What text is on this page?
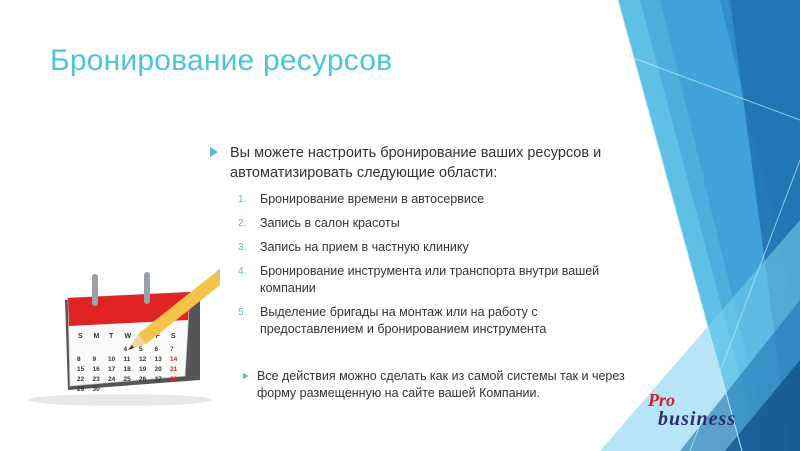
Бронирование ресурсов
Вы можете настроить бронирование ваших ресурсов и автоматизировать следующие области:
1. Бронирование времени в автосервисе
2. Запись в салон красоты
3. Запись на прием в частную клинику
4. Бронирование инструмента или транспорта внутри вашей компании
5. Выделение бригады на монтаж или на работу с предоставлением и бронированием инструмента
Все действия можно сделать как из самой системы так и через форму размещенную на сайте вашей Компании.
S M T W	F S
4 5 6 7
8 9 10 11 12 13 14
15 16 17 18 19 20 21
22 23 24 25 26 27 28
29 30
Pro
business
